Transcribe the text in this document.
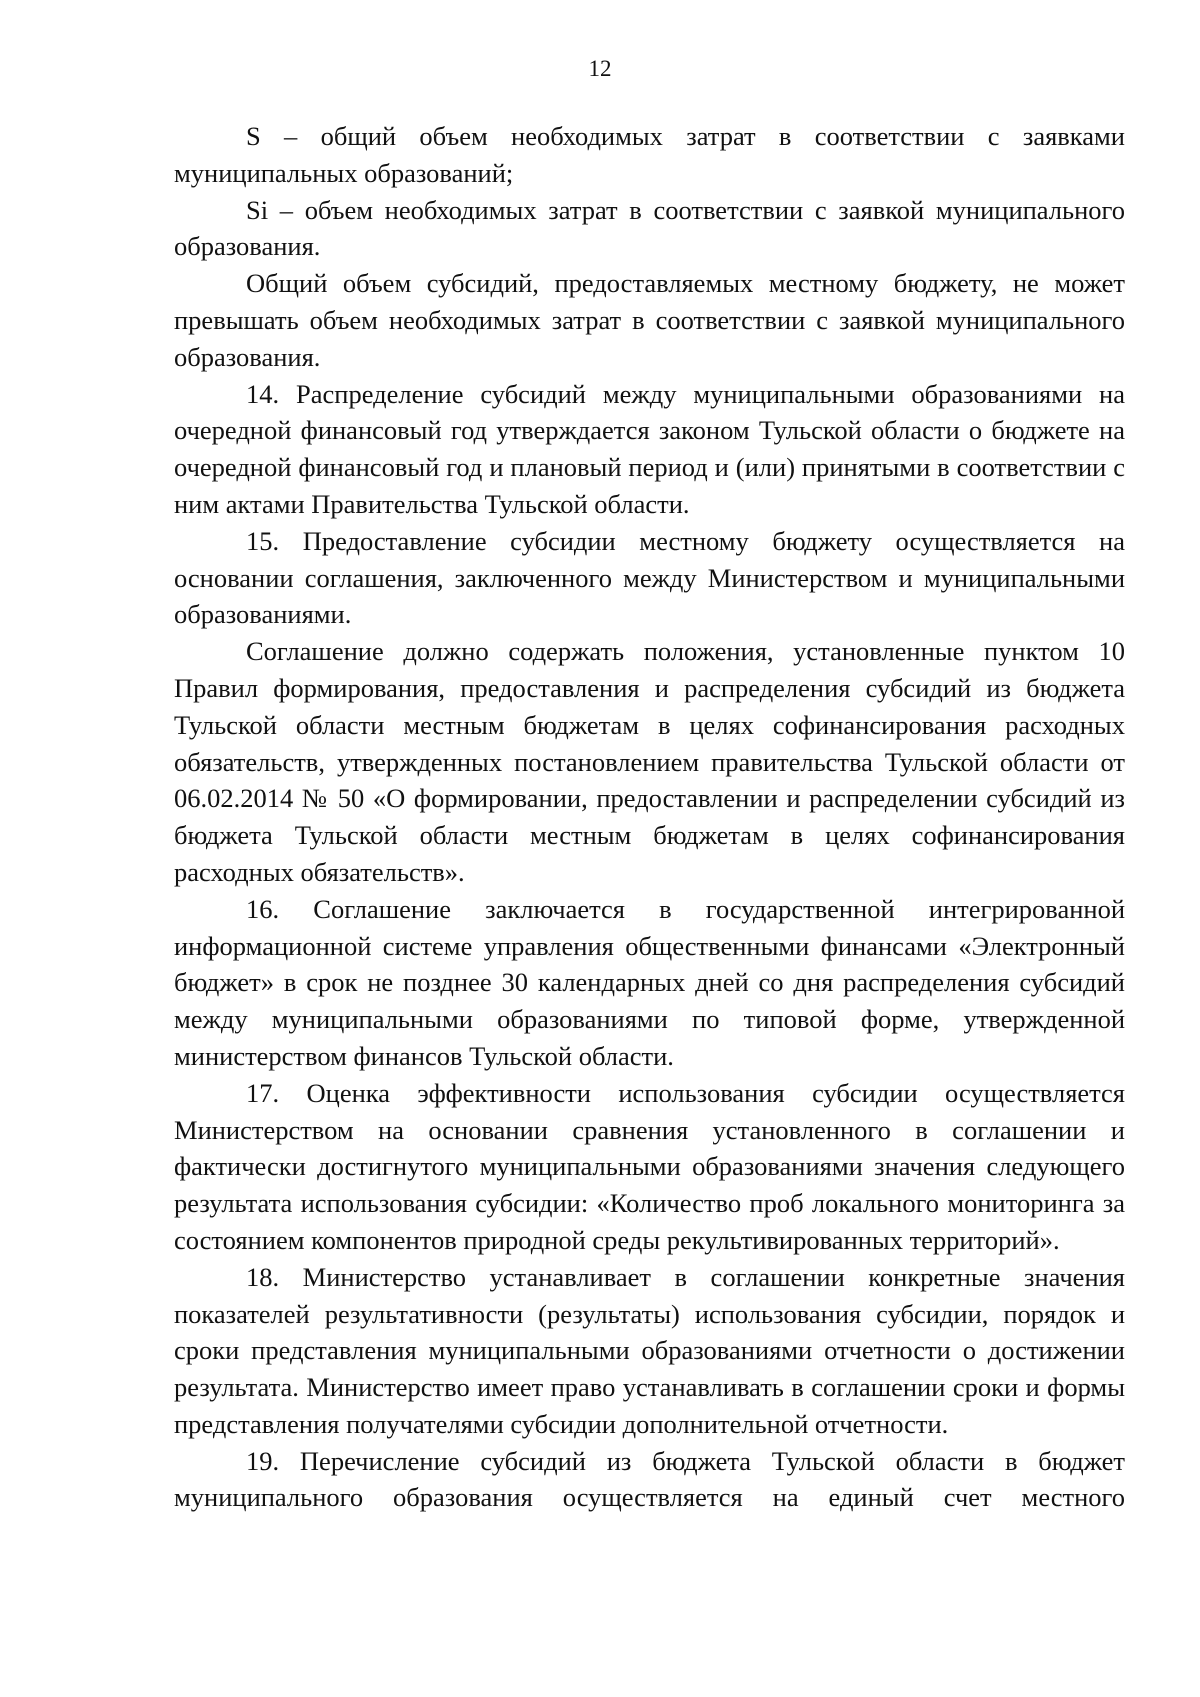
12

S – общий объем необходимых затрат в соответствии с заявками муниципальных образований;

Si – объем необходимых затрат в соответствии с заявкой муниципального образования.

Общий объем субсидий, предоставляемых местному бюджету, не может превышать объем необходимых затрат в соответствии с заявкой муниципального образования.

14. Распределение субсидий между муниципальными образованиями на очередной финансовый год утверждается законом Тульской области о бюджете на очередной финансовый год и плановый период и (или) принятыми в соответствии с ним актами Правительства Тульской области.

15. Предоставление субсидии местному бюджету осуществляется на основании соглашения, заключенного между Министерством и муниципальными образованиями.

Соглашение должно содержать положения, установленные пунктом 10 Правил формирования, предоставления и распределения субсидий из бюджета Тульской области местным бюджетам в целях софинансирования расходных обязательств, утвержденных постановлением правительства Тульской области от 06.02.2014 № 50 «О формировании, предоставлении и распределении субсидий из бюджета Тульской области местным бюджетам в целях софинансирования расходных обязательств».

16. Соглашение заключается в государственной интегрированной информационной системе управления общественными финансами «Электронный бюджет» в срок не позднее 30 календарных дней со дня распределения субсидий между муниципальными образованиями по типовой форме, утвержденной министерством финансов Тульской области.

17. Оценка эффективности использования субсидии осуществляется Министерством на основании сравнения установленного в соглашении и фактически достигнутого муниципальными образованиями значения следующего результата использования субсидии: «Количество проб локального мониторинга за состоянием компонентов природной среды рекультивированных территорий».

18. Министерство устанавливает в соглашении конкретные значения показателей результативности (результаты) использования субсидии, порядок и сроки представления муниципальными образованиями отчетности о достижении результата. Министерство имеет право устанавливать в соглашении сроки и формы представления получателями субсидии дополнительной отчетности.

19. Перечисление субсидий из бюджета Тульской области в бюджет муниципального образования осуществляется на единый счет местного
